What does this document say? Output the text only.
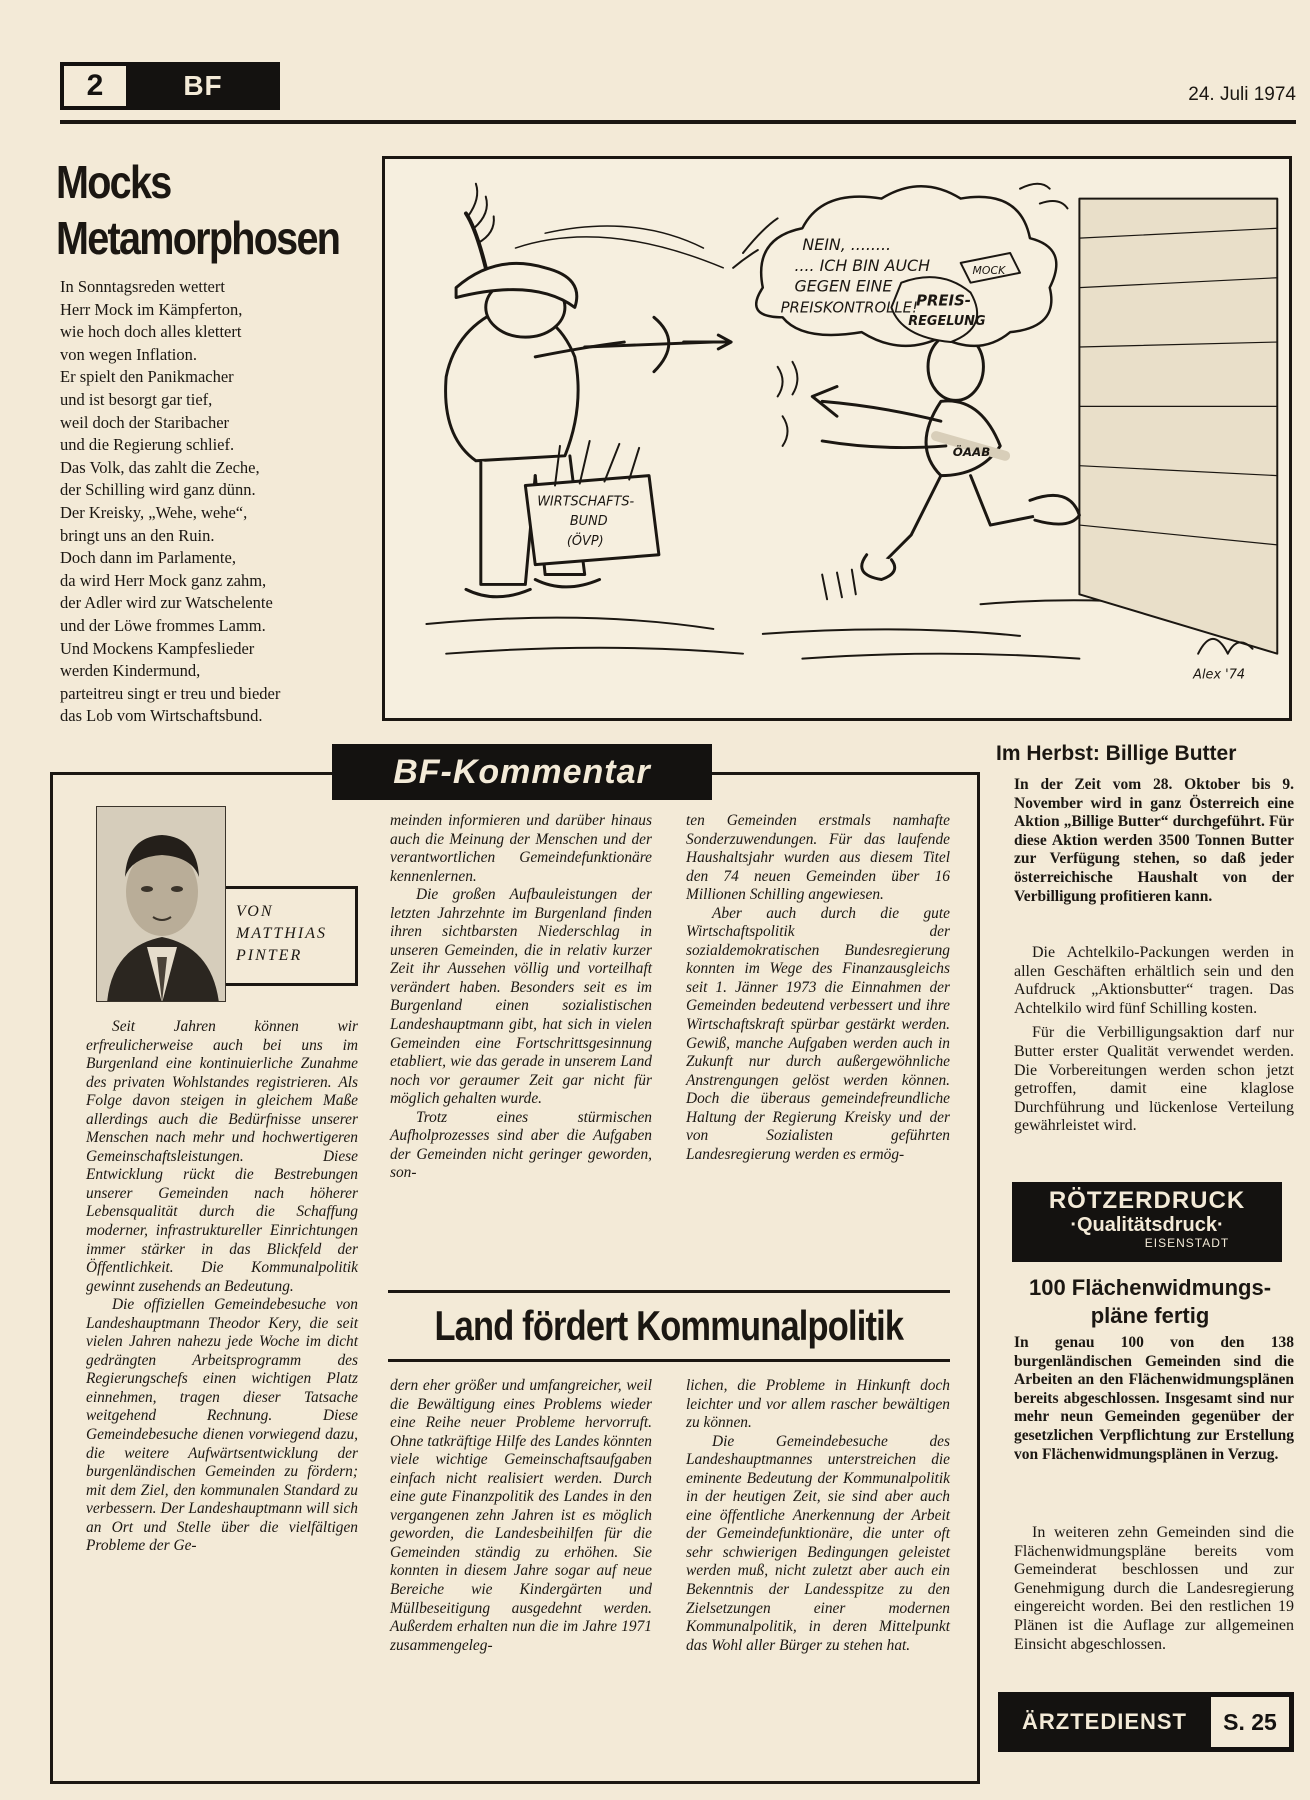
2	BF	24. Juli 1974
Mocks
Metamorphosen
In Sonntagsreden wettert
Herr Mock im Kämpferton,
wie hoch doch alles klettert
von wegen Inflation.
Er spielt den Panikmacher
und ist besorgt gar tief,
weil doch der Staribacher
und die Regierung schlief.
Das Volk, das zahlt die Zeche,
der Schilling wird ganz dünn.
Der Kreisky, „Wehe, wehe“,
bringt uns an den Ruin.
Doch dann im Parlamente,
da wird Herr Mock ganz zahm,
der Adler wird zur Watschelente
und der Löwe frommes Lamm.
Und Mockens Kampfeslieder
werden Kindermund,
parteitreu singt er treu und bieder
das Lob vom Wirtschaftsbund.
NEIN, ........
.... ICH BIN AUCH
GEGEN EINE
PREISKONTROLLE!
PREIS-
REGELUNG
MOCK
ÖAAB
WIRTSCHAFTS-
BUND
(ÖVP)
Alex '74
BF-Kommentar
VON
MATTHIAS
PINTER

Seit Jahren können wir erfreulicherweise auch bei uns im Burgenland eine kontinuierliche Zunahme des privaten Wohlstandes registrieren. Als Folge davon steigen in gleichem Maße allerdings auch die Bedürfnisse unserer Menschen nach mehr und hochwertigeren Gemeinschaftsleistungen. Diese Entwicklung rückt die Bestrebungen unserer Gemeinden nach höherer Lebensqualität durch die Schaffung moderner, infrastruktureller Einrichtungen immer stärker in das Blickfeld der Öffentlichkeit. Die Kommunalpolitik gewinnt zusehends an Bedeutung.

Die offiziellen Gemeindebesuche von Landeshauptmann Theodor Kery, die seit vielen Jahren nahezu jede Woche im dicht gedrängten Arbeitsprogramm des Regierungschefs einen wichtigen Platz einnehmen, tragen dieser Tatsache weitgehend Rechnung. Diese Gemeindebesuche dienen vorwiegend dazu, die weitere Aufwärtsentwicklung der burgenländischen Gemeinden zu fördern; mit dem Ziel, den kommunalen Standard zu verbessern. Der Landeshauptmann will sich an Ort und Stelle über die vielfältigen Probleme der Ge-

meinden informieren und darüber hinaus auch die Meinung der Menschen und der verantwortlichen Gemeindefunktionäre kennenlernen.

Die großen Aufbauleistungen der letzten Jahrzehnte im Burgenland finden ihren sichtbarsten Niederschlag in unseren Gemeinden, die in relativ kurzer Zeit ihr Aussehen völlig und vorteilhaft verändert haben. Besonders seit es im Burgenland einen sozialistischen Landeshauptmann gibt, hat sich in vielen Gemeinden eine Fortschrittsgesinnung etabliert, wie das gerade in unserem Land noch vor geraumer Zeit gar nicht für möglich gehalten wurde.

Trotz eines stürmischen Aufholprozesses sind aber die Aufgaben der Gemeinden nicht geringer geworden, son-

ten Gemeinden erstmals namhafte Sonderzuwendungen. Für das laufende Haushaltsjahr wurden aus diesem Titel den 74 neuen Gemeinden über 16 Millionen Schilling angewiesen.

Aber auch durch die gute Wirtschaftspolitik der sozialdemokratischen Bundesregierung konnten im Wege des Finanzausgleichs seit 1. Jänner 1973 die Einnahmen der Gemeinden bedeutend verbessert und ihre Wirtschaftskraft spürbar gestärkt werden. Gewiß, manche Aufgaben werden auch in Zukunft nur durch außergewöhnliche Anstrengungen gelöst werden können. Doch die überaus gemeindefreundliche Haltung der Regierung Kreisky und der von Sozialisten geführten Landesregierung werden es ermög-

Land fördert Kommunalpolitik

dern eher größer und umfangreicher, weil die Bewältigung eines Problems wieder eine Reihe neuer Probleme hervorruft. Ohne tatkräftige Hilfe des Landes könnten viele wichtige Gemeinschaftsaufgaben einfach nicht realisiert werden. Durch eine gute Finanzpolitik des Landes in den vergangenen zehn Jahren ist es möglich geworden, die Landesbeihilfen für die Gemeinden ständig zu erhöhen. Sie konnten in diesem Jahre sogar auf neue Bereiche wie Kindergärten und Müllbeseitigung ausgedehnt werden. Außerdem erhalten nun die im Jahre 1971 zusammengeleg-

lichen, die Probleme in Hinkunft doch leichter und vor allem rascher bewältigen zu können.

Die Gemeindebesuche des Landeshauptmannes unterstreichen die eminente Bedeutung der Kommunalpolitik in der heutigen Zeit, sie sind aber auch eine öffentliche Anerkennung der Arbeit der Gemeindefunktionäre, die unter oft sehr schwierigen Bedingungen geleistet werden muß, nicht zuletzt aber auch ein Bekenntnis der Landesspitze zu den Zielsetzungen einer modernen Kommunalpolitik, in deren Mittelpunkt das Wohl aller Bürger zu stehen hat.

Im Herbst: Billige Butter
In der Zeit vom 28. Oktober bis 9. November wird in ganz Österreich eine Aktion „Billige Butter“ durchgeführt. Für diese Aktion werden 3500 Tonnen Butter zur Verfügung stehen, so daß jeder österreichische Haushalt von der Verbilligung profitieren kann.

Die Achtelkilo-Packungen werden in allen Geschäften erhältlich sein und den Aufdruck „Aktionsbutter“ tragen. Das Achtelkilo wird fünf Schilling kosten.

Für die Verbilligungsaktion darf nur Butter erster Qualität verwendet werden. Die Vorbereitungen werden schon jetzt getroffen, damit eine klaglose Durchführung und lückenlose Verteilung gewährleistet wird.

RÖTZERDRUCK
·Qualitätsdruck·
EISENSTADT
100 Flächenwidmungs-
pläne fertig
In genau 100 von den 138 burgenländischen Gemeinden sind die Arbeiten an den Flächenwidmungsplänen bereits abgeschlossen. Insgesamt sind nur mehr neun Gemeinden gegenüber der gesetzlichen Verpflichtung zur Erstellung von Flächenwidmungsplänen in Verzug.

In weiteren zehn Gemeinden sind die Flächenwidmungspläne bereits vom Gemeinderat beschlossen und zur Genehmigung durch die Landesregierung eingereicht worden. Bei den restlichen 19 Plänen ist die Auflage zur allgemeinen Einsicht abgeschlossen.

ÄRZTEDIENST	S. 25
